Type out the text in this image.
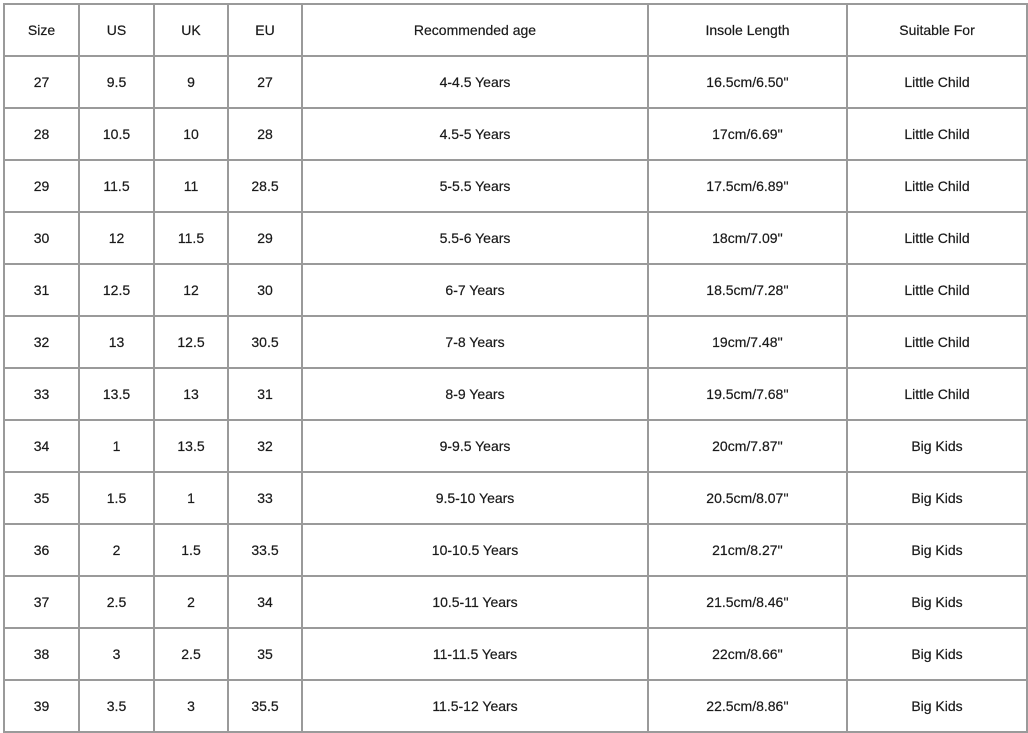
Size	US	UK	EU	Recommended age	Insole Length	Suitable For
27	9.5	9	27	4-4.5 Years	16.5cm/6.50''	Little Child
28	10.5	10	28	4.5-5 Years	17cm/6.69''	Little Child
29	11.5	11	28.5	5-5.5 Years	17.5cm/6.89''	Little Child
30	12	11.5	29	5.5-6 Years	18cm/7.09''	Little Child
31	12.5	12	30	6-7 Years	18.5cm/7.28''	Little Child
32	13	12.5	30.5	7-8 Years	19cm/7.48''	Little Child
33	13.5	13	31	8-9 Years	19.5cm/7.68''	Little Child
34	1	13.5	32	9-9.5 Years	20cm/7.87''	Big Kids
35	1.5	1	33	9.5-10 Years	20.5cm/8.07''	Big Kids
36	2	1.5	33.5	10-10.5 Years	21cm/8.27''	Big Kids
37	2.5	2	34	10.5-11 Years	21.5cm/8.46''	Big Kids
38	3	2.5	35	11-11.5 Years	22cm/8.66''	Big Kids
39	3.5	3	35.5	11.5-12 Years	22.5cm/8.86''	Big Kids
